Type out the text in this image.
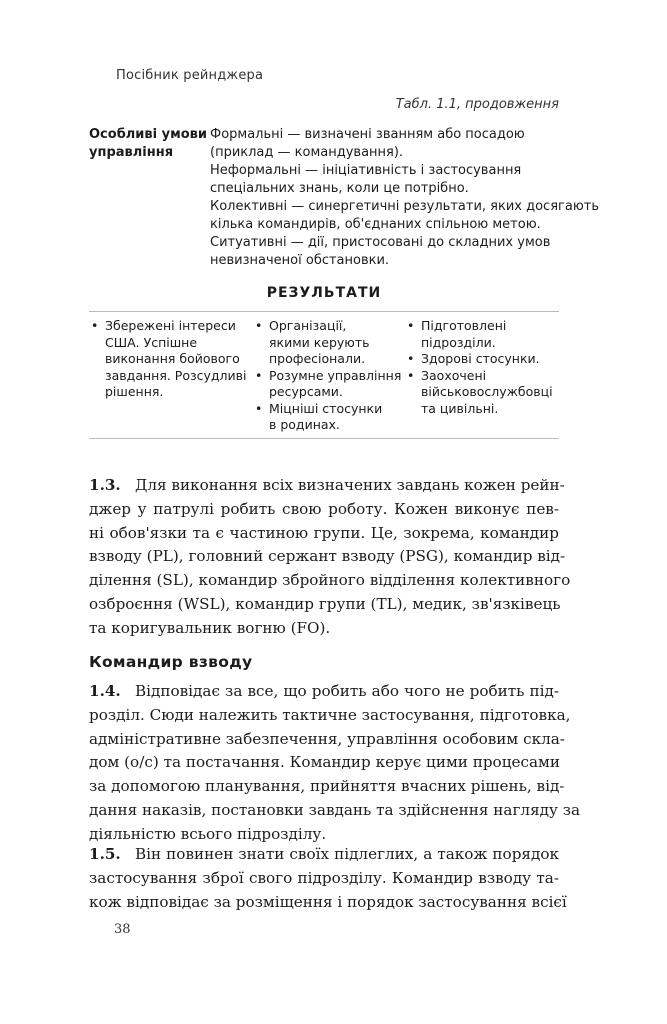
Посібник рейнджера
Табл. 1.1, продовження
Особливі умови
управління
Формальні — визначені званням або посадою
(приклад — командування).
Неформальні — ініціативність і застосування
спеціальних знань, коли це потрібно.
Колективні — синергетичні результати, яких досягають
кілька командирів, об'єднаних спільною метою.
Ситуативні — дії, пристосовані до складних умов
невизначеної обстановки.
РЕЗУЛЬТАТИ
• Збережені інтереси
США. Успішне
виконання бойового
завдання. Розсудливі
рішення.
• Організації,
якими керують
професіонали.
• Розумне управління
ресурсами.
• Міцніші стосунки
в родинах.
• Підготовлені
підрозділи.
• Здорові стосунки.
• Заохочені
військовослужбовці
та цивільні.
1.3. Для виконання всіх визначених завдань кожен рейн-
джер у патрулі робить свою роботу. Кожен виконує пев-
ні обов'язки та є частиною групи. Це, зокрема, командир
взводу (PL), головний сержант взводу (PSG), командир від-
ділення (SL), командир збройного відділення колективного
озброєння (WSL), командир групи (TL), медик, зв'язківець
та коригувальник вогню (FO).
Командир взводу
1.4. Відповідає за все, що робить або чого не робить під-
розділ. Сюди належить тактичне застосування, підготовка,
адміністративне забезпечення, управління особовим скла-
дом (о/с) та постачання. Командир керує цими процесами
за допомогою планування, прийняття вчасних рішень, від-
дання наказів, постановки завдань та здійснення нагляду за
діяльністю всього підрозділу.
1.5. Він повинен знати своїх підлеглих, а також порядок
застосування зброї свого підрозділу. Командир взводу та-
кож відповідає за розміщення і порядок застосування всієї
38
